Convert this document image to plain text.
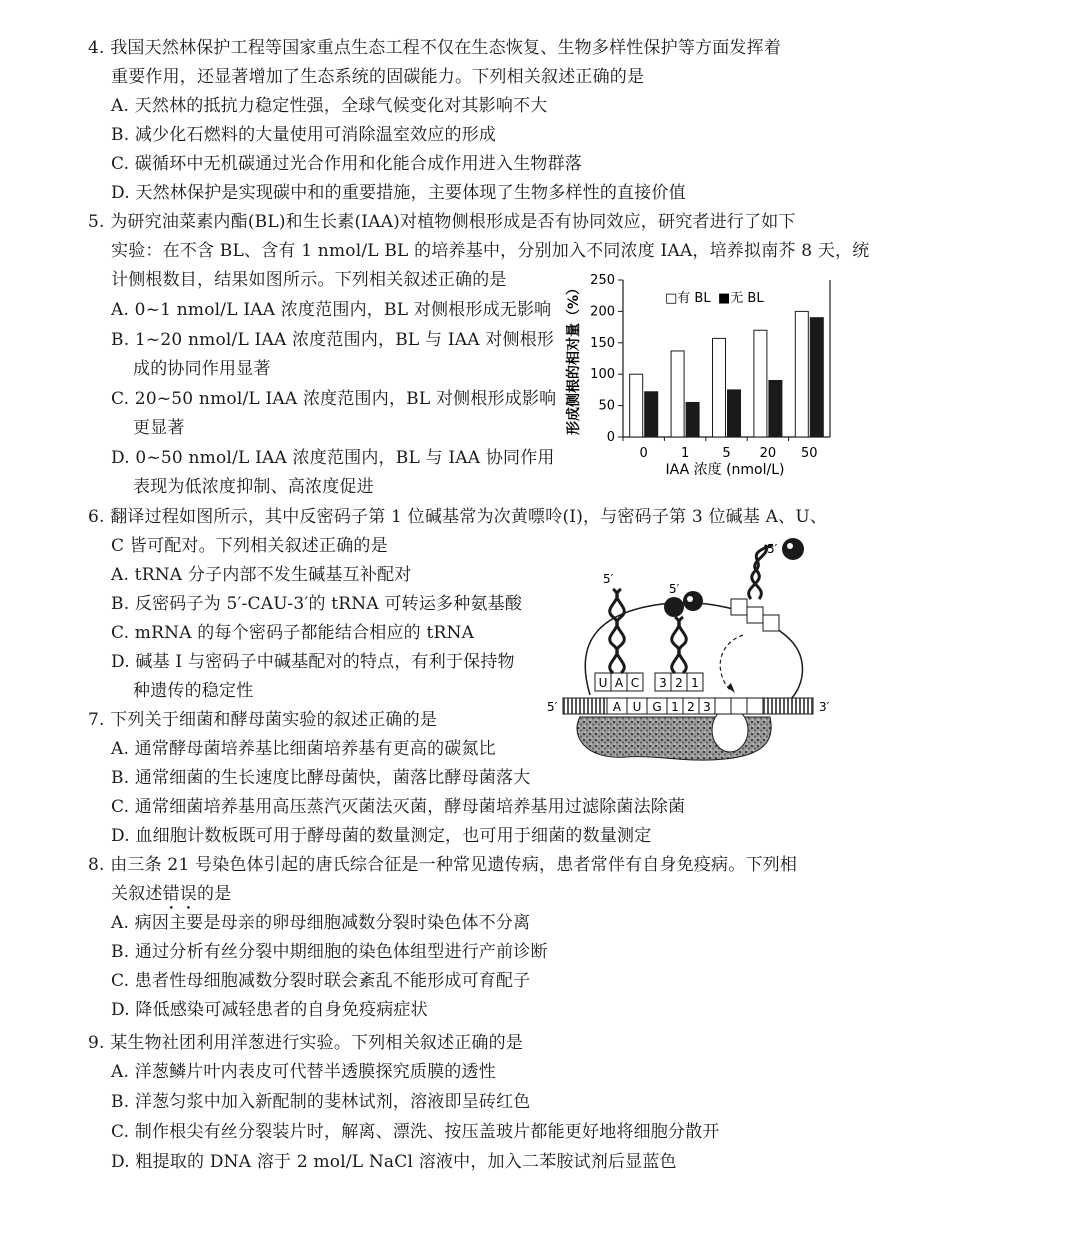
4. 我国天然林保护工程等国家重点生态工程不仅在生态恢复、生物多样性保护等方面发挥着
重要作用，还显著增加了生态系统的固碳能力。下列相关叙述正确的是
A. 天然林的抵抗力稳定性强，全球气候变化对其影响不大
B. 减少化石燃料的大量使用可消除温室效应的形成
C. 碳循环中无机碳通过光合作用和化能合成作用进入生物群落
D. 天然林保护是实现碳中和的重要措施，主要体现了生物多样性的直接价值
5. 为研究油菜素内酯(BL)和生长素(IAA)对植物侧根形成是否有协同效应，研究者进行了如下
实验：在不含 BL、含有 1 nmol/L BL 的培养基中，分别加入不同浓度 IAA，培养拟南芥 8 天，统
计侧根数目，结果如图所示。下列相关叙述正确的是
A. 0~1 nmol/L IAA 浓度范围内，BL 对侧根形成无影响
B. 1~20 nmol/L IAA 浓度范围内，BL 与 IAA 对侧根形
成的协同作用显著
C. 20~50 nmol/L IAA 浓度范围内，BL 对侧根形成影响
更显著
D. 0~50 nmol/L IAA 浓度范围内，BL 与 IAA 协同作用
表现为低浓度抑制、高浓度促进
形成侧根的相对量（%）
0
50
100
150
200
250
0	1	5 20 50
□有 BL ■无 BL
IAA 浓度 (nmol/L)
6. 翻译过程如图所示，其中反密码子第 1 位碱基常为次黄嘌呤(I)，与密码子第 3 位碱基 A、U、
C 皆可配对。下列相关叙述正确的是
A. tRNA 分子内部不发生碱基互补配对
B. 反密码子为 5′-CAU-3′的 tRNA 可转运多种氨基酸
C. mRNA 的每个密码子都能结合相应的 tRNA
D. 碱基 I 与密码子中碱基配对的特点，有利于保持物
种遗传的稳定性
A U G 1 2 3
5′	3′
U A C 3 2 1
5′
5′
5′
7. 下列关于细菌和酵母菌实验的叙述正确的是
A. 通常酵母菌培养基比细菌培养基有更高的碳氮比
B. 通常细菌的生长速度比酵母菌快，菌落比酵母菌落大
C. 通常细菌培养基用高压蒸汽灭菌法灭菌，酵母菌培养基用过滤除菌法除菌
D. 血细胞计数板既可用于酵母菌的数量测定，也可用于细菌的数量测定
8. 由三条 21 号染色体引起的唐氏综合征是一种常见遗传病，患者常伴有自身免疫病。下列相
关叙述错误的是
A. 病因主要是母亲的卵母细胞减数分裂时染色体不分离
B. 通过分析有丝分裂中期细胞的染色体组型进行产前诊断
C. 患者性母细胞减数分裂时联会紊乱不能形成可育配子
D. 降低感染可减轻患者的自身免疫病症状
9. 某生物社团利用洋葱进行实验。下列相关叙述正确的是
A. 洋葱鳞片叶内表皮可代替半透膜探究质膜的透性
B. 洋葱匀浆中加入新配制的斐林试剂，溶液即呈砖红色
C. 制作根尖有丝分裂装片时，解离、漂洗、按压盖玻片都能更好地将细胞分散开
D. 粗提取的 DNA 溶于 2 mol/L NaCl 溶液中，加入二苯胺试剂后显蓝色
